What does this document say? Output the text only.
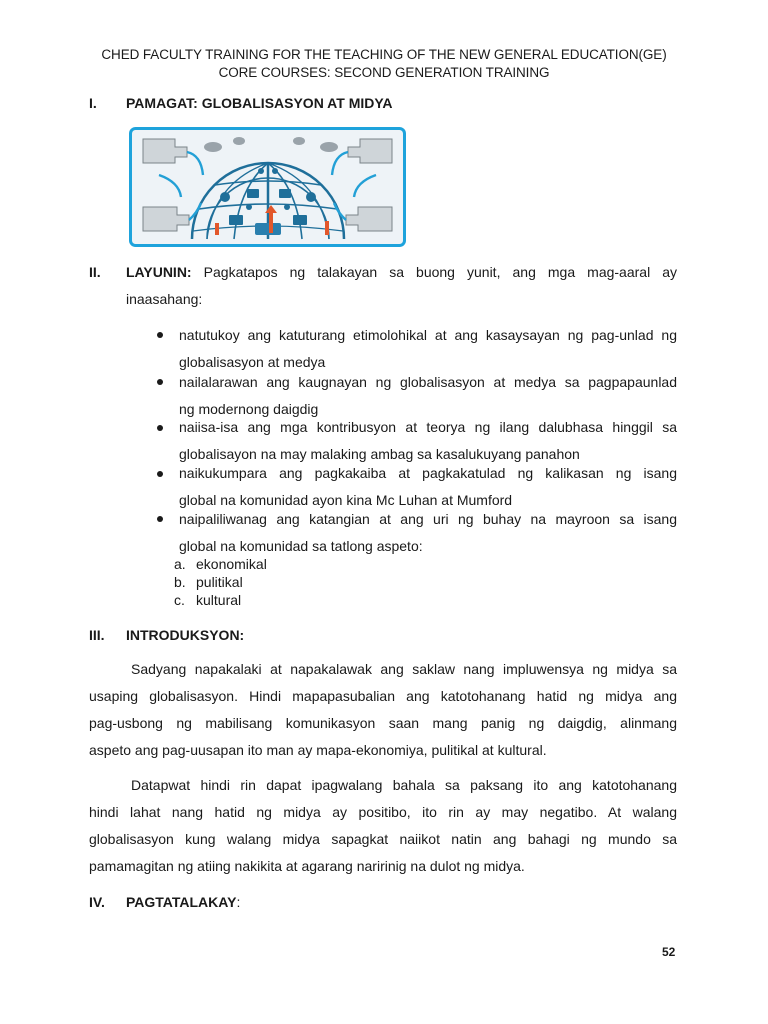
CHED FACULTY TRAINING FOR THE TEACHING OF THE NEW GENERAL EDUCATION(GE)
CORE COURSES: SECOND GENERATION TRAINING
I. PAMAGAT: GLOBALISASYON AT MIDYA
II. LAYUNIN: Pagkatapos ng talakayan sa buong yunit, ang mga mag-aaral ay
inaasahang:
natutukoy ang katuturang etimolohikal at ang kasaysayan ng pag-unlad ng
globalisasyon at medya
nailalarawan ang kaugnayan ng globalisasyon at medya sa pagpapaunlad
ng modernong daigdig
naiisa-isa ang mga kontribusyon at teorya ng ilang dalubhasa hinggil sa
globalisayon na may malaking ambag sa kasalukuyang panahon
naikukumpara ang pagkakaiba at pagkakatulad ng kalikasan ng isang
global na komunidad ayon kina Mc Luhan at Mumford
naipaliliwanag ang katangian at ang uri ng buhay na mayroon sa isang
global na komunidad sa tatlong aspeto:
a. ekonomikal
b. pulitikal
c. kultural
III. INTRODUKSYON:
Sadyang napakalaki at napakalawak ang saklaw nang impluwensya ng midya sa
usaping globalisasyon. Hindi mapapasubalian ang katotohanang hatid ng midya ang
pag-usbong ng mabilisang komunikasyon saan mang panig ng daigdig, alinmang
aspeto ang pag-uusapan ito man ay mapa-ekonomiya, pulitikal at kultural.
Datapwat hindi rin dapat ipagwalang bahala sa paksang ito ang katotohanang
hindi lahat nang hatid ng midya ay positibo, ito rin ay may negatibo. At walang
globalisasyon kung walang midya sapagkat naiikot natin ang bahagi ng mundo sa
pamamagitan ng atiing nakikita at agarang naririnig na dulot ng midya.
IV. PAGTATALAKAY:
52
